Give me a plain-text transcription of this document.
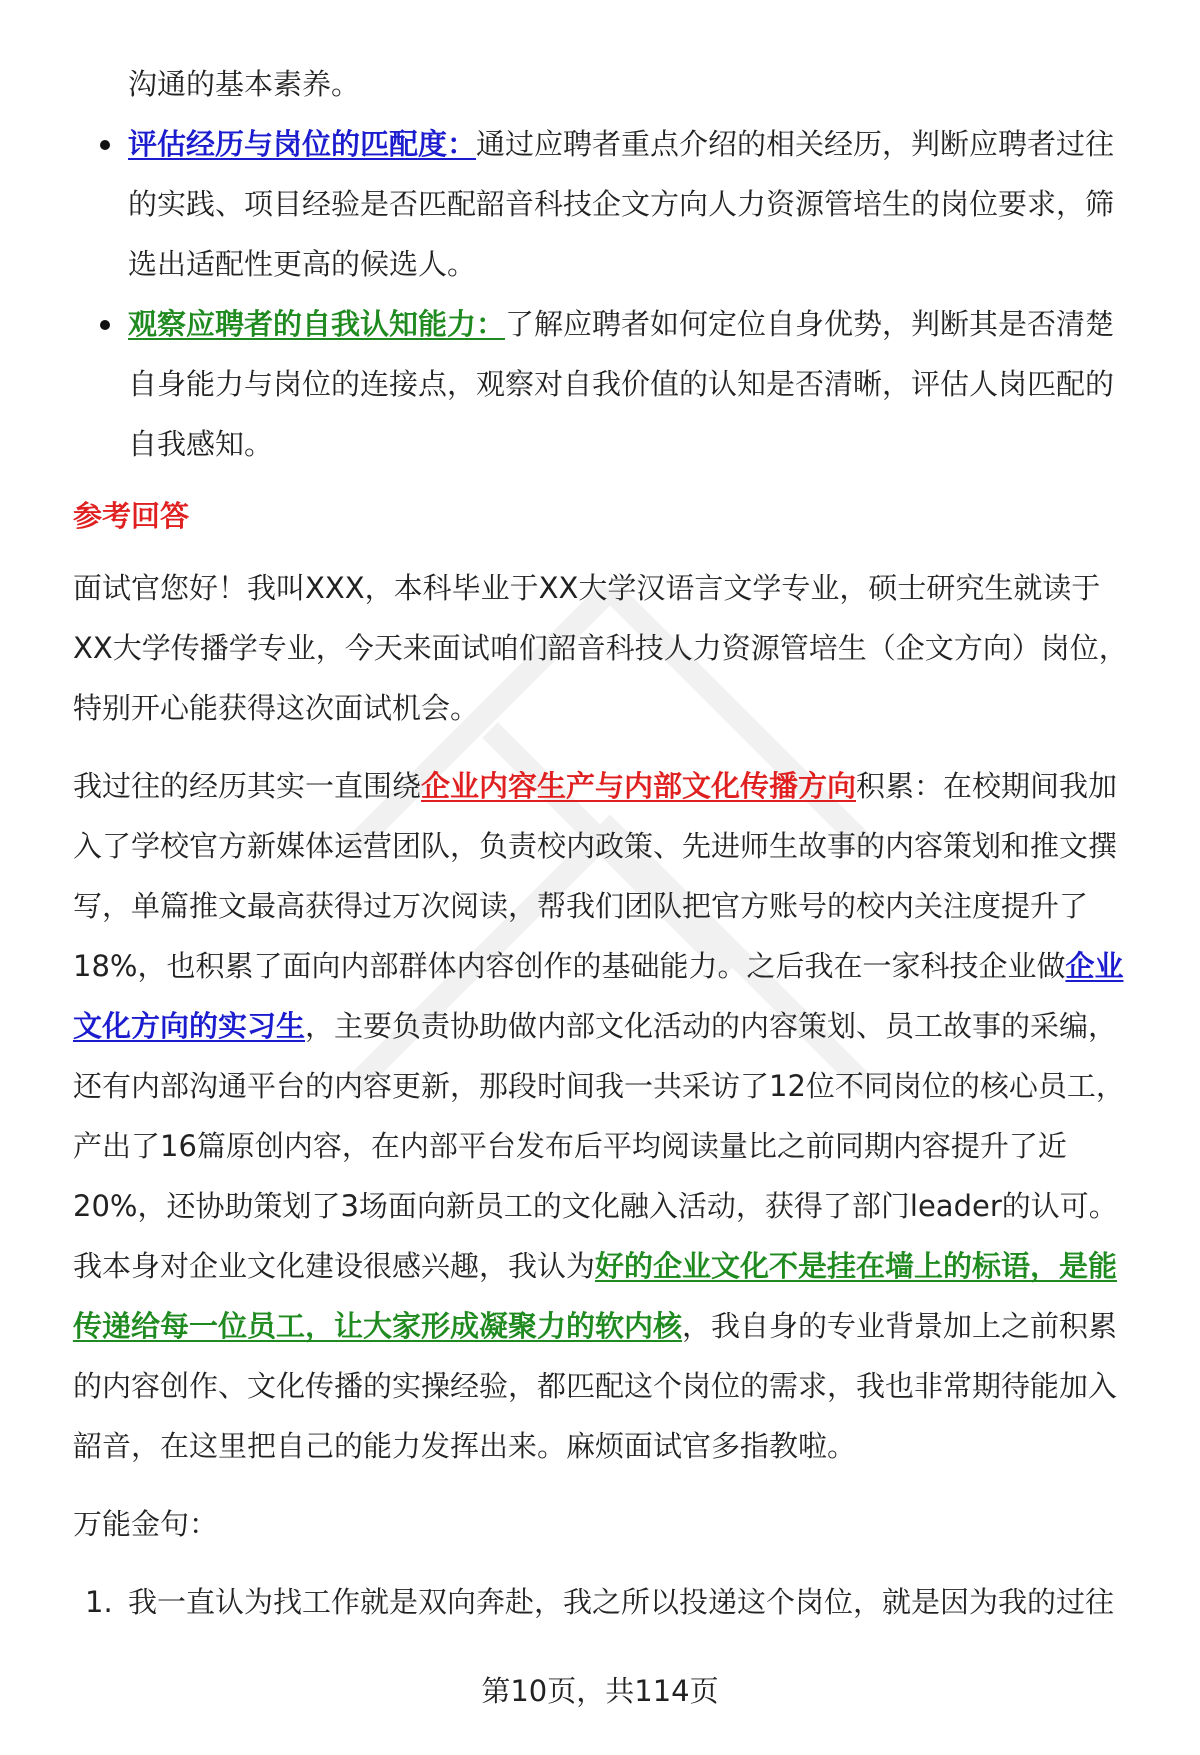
沟通的基本素养。
评估经历与岗位的匹配度：通过应聘者重点介绍的相关经历，判断应聘者过往
的实践、项目经验是否匹配韶音科技企文方向人力资源管培生的岗位要求，筛
选出适配性更高的候选人。
观察应聘者的自我认知能力：了解应聘者如何定位自身优势，判断其是否清楚
自身能力与岗位的连接点，观察对自我价值的认知是否清晰，评估人岗匹配的
自我感知。
参考回答
面试官您好！我叫XXX，本科毕业于XX大学汉语言文学专业，硕士研究生就读于
XX大学传播学专业，今天来面试咱们韶音科技人力资源管培生（企文方向）岗位，
特别开心能获得这次面试机会。
我过往的经历其实一直围绕企业内容生产与内部文化传播方向积累：在校期间我加
入了学校官方新媒体运营团队，负责校内政策、先进师生故事的内容策划和推文撰
写，单篇推文最高获得过万次阅读，帮我们团队把官方账号的校内关注度提升了
18%，也积累了面向内部群体内容创作的基础能力。之后我在一家科技企业做企业
文化方向的实习生，主要负责协助做内部文化活动的内容策划、员工故事的采编，
还有内部沟通平台的内容更新，那段时间我一共采访了12位不同岗位的核心员工，
产出了16篇原创内容，在内部平台发布后平均阅读量比之前同期内容提升了近
20%，还协助策划了3场面向新员工的文化融入活动，获得了部门leader的认可。
我本身对企业文化建设很感兴趣，我认为好的企业文化不是挂在墙上的标语，是能
传递给每一位员工，让大家形成凝聚力的软内核，我自身的专业背景加上之前积累
的内容创作、文化传播的实操经验，都匹配这个岗位的需求，我也非常期待能加入
韶音，在这里把自己的能力发挥出来。麻烦面试官多指教啦。
万能金句：
1. 我一直认为找工作就是双向奔赴，我之所以投递这个岗位，就是因为我的过往
第10页，共114页
